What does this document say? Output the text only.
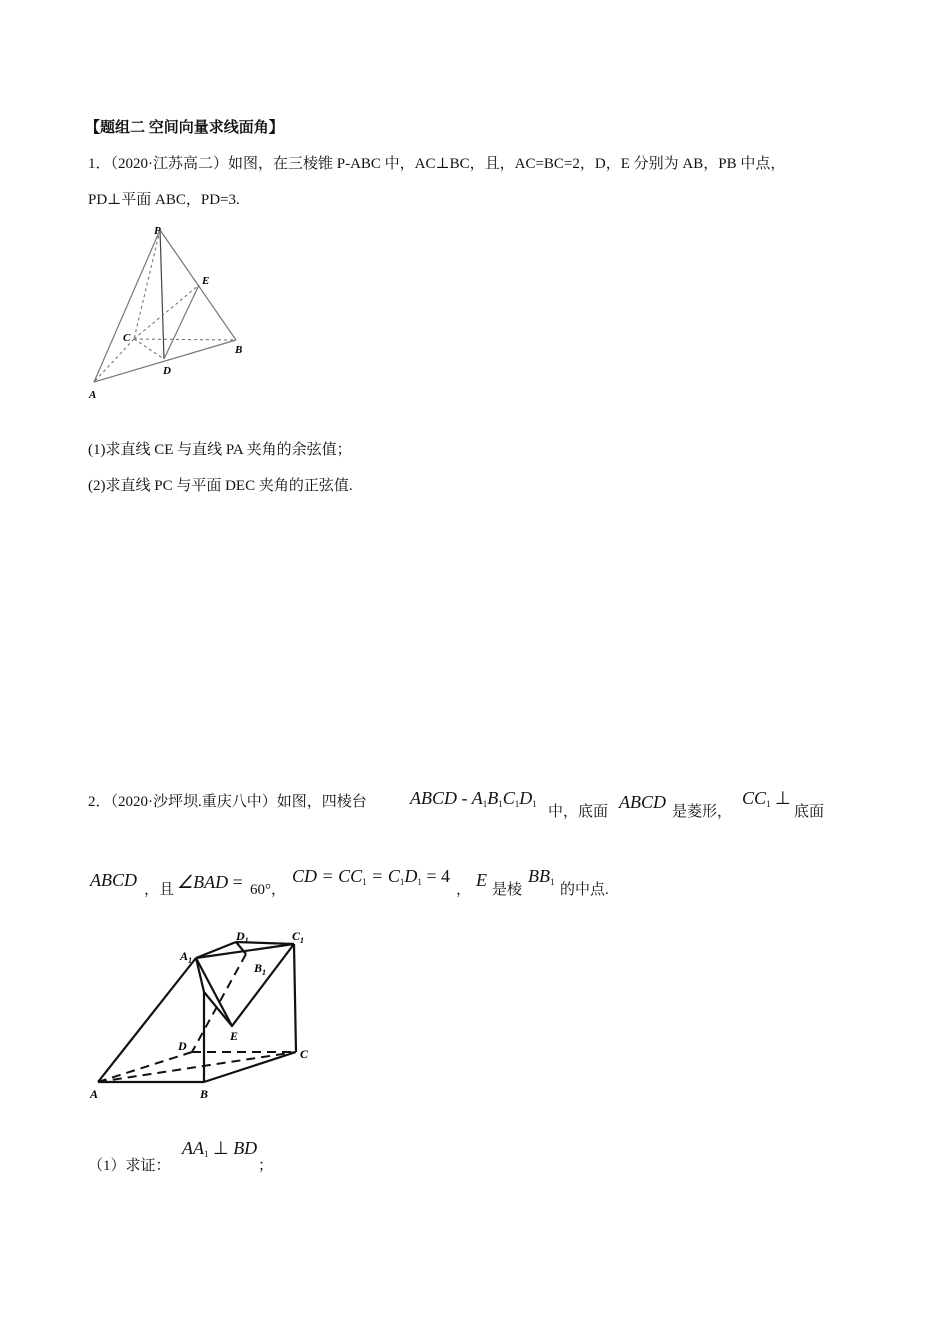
【题组二 空间向量求线面角】
1．（2020·江苏高二）如图，在三棱锥 P-ABC 中，AC⊥BC，且，AC=BC=2，D，E 分别为 AB，PB 中点，
PD⊥平面 ABC，PD=3.
P
E
C
B
D
A
(1)求直线 CE 与直线 PA 夹角的余弦值；
(2)求直线 PC 与平面 DEC 夹角的正弦值.
2．（2020·沙坪坝.重庆八中）如图，四棱台 ABCD - $A_1B_1C_1D_1$ 中，底面 ABCD 是菱形，
$CC_1$ ⊥
底面
ABCD ，且 ∠BAD = 60°，
CD = $CC_1 = C_1D_1 = 4$
， E 是棱
$BB_1$ 的中点.
$D_1$	$C_1$
$A_1$
$B_1$
E
D
C
A	B
（1）求证：
$AA_1$ ⊥ BD
；
